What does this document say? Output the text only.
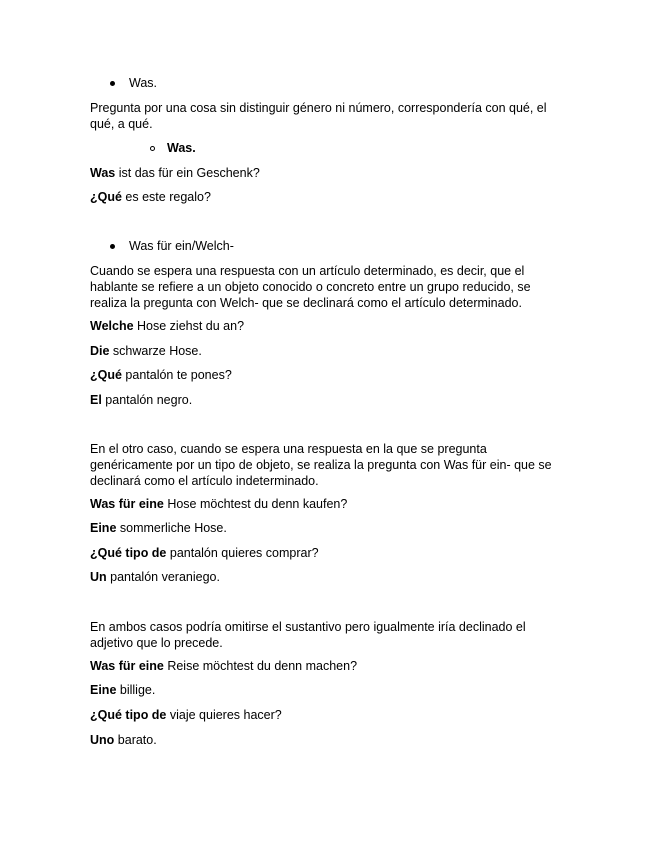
Was.

Pregunta por una cosa sin distinguir género ni número, correspondería con qué, el qué, a qué.

Was.
Was ist das für ein Geschenk?
¿Qué es este regalo?
Was für ein/Welch-

Cuando se espera una respuesta con un artículo determinado, es decir, que el hablante se refiere a un objeto conocido o concreto entre un grupo reducido, se realiza la pregunta con Welch- que se declinará como el artículo determinado.

Welche Hose ziehst du an?
Die schwarze Hose.
¿Qué pantalón te pones?
El pantalón negro.

En el otro caso, cuando se espera una respuesta en la que se pregunta genéricamente por un tipo de objeto, se realiza la pregunta con Was für ein- que se declinará como el artículo indeterminado.

Was für eine Hose möchtest du denn kaufen?
Eine sommerliche Hose.
¿Qué tipo de pantalón quieres comprar?
Un pantalón veraniego.

En ambos casos podría omitirse el sustantivo pero igualmente iría declinado el adjetivo que lo precede.

Was für eine Reise möchtest du denn machen?
Eine billige.
¿Qué tipo de viaje quieres hacer?
Uno barato.
